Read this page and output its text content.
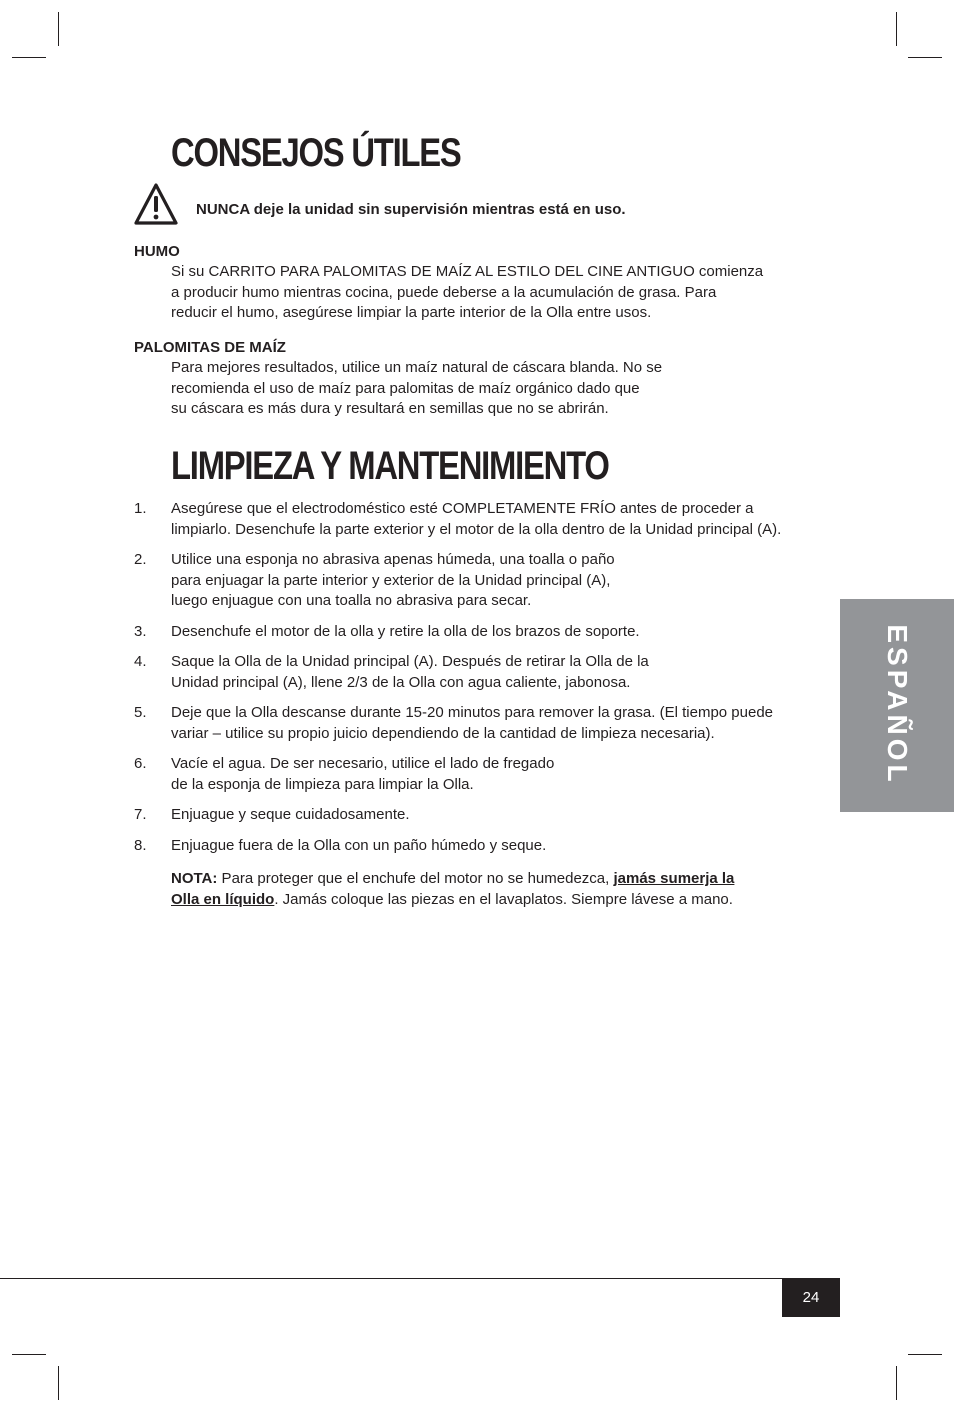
CONSEJOS ÚTILES
NUNCA deje la unidad sin supervisión mientras está en uso.
HUMO
Si su CARRITO PARA PALOMITAS DE MAÍZ AL ESTILO DEL CINE ANTIGUO comienza
a producir humo mientras cocina, puede deberse a la acumulación de grasa. Para
reducir el humo, asegúrese limpiar la parte interior de la Olla entre usos.
PALOMITAS DE MAÍZ
Para mejores resultados, utilice un maíz natural de cáscara blanda. No se
recomienda el uso de maíz para palomitas de maíz orgánico dado que
su cáscara es más dura y resultará en semillas que no se abrirán.
LIMPIEZA Y MANTENIMIENTO
1. Asegúrese que el electrodoméstico esté COMPLETAMENTE FRÍO antes de proceder a
limpiarlo. Desenchufe la parte exterior y el motor de la olla dentro de la Unidad principal (A).
2. Utilice una esponja no abrasiva apenas húmeda, una toalla o paño
para enjuagar la parte interior y exterior de la Unidad principal (A),
luego enjuague con una toalla no abrasiva para secar.
3. Desenchufe el motor de la olla y retire la olla de los brazos de soporte.
4. Saque la Olla de la Unidad principal (A). Después de retirar la Olla de la
Unidad principal (A), llene 2/3 de la Olla con agua caliente, jabonosa.
5. Deje que la Olla descanse durante 15-20 minutos para remover la grasa. (El tiempo puede
variar – utilice su propio juicio dependiendo de la cantidad de limpieza necesaria).
6. Vacíe el agua. De ser necesario, utilice el lado de fregado
de la esponja de limpieza para limpiar la Olla.
7. Enjuague y seque cuidadosamente.
8. Enjuague fuera de la Olla con un paño húmedo y seque.
NOTA: Para proteger que el enchufe del motor no se humedezca, jamás sumerja la
Olla en líquido. Jamás coloque las piezas en el lavaplatos. Siempre lávese a mano.
ESPAÑOL
24
